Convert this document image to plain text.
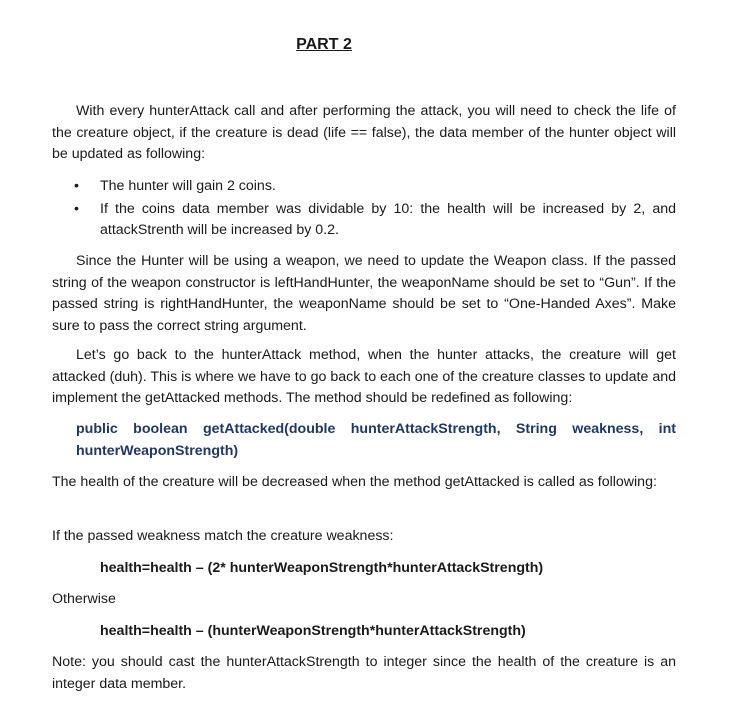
PART 2

With every hunterAttack call and after performing the attack, you will need to check the life of the creature object, if the creature is dead (life == false), the data member of the hunter object will be updated as following:

• The hunter will gain 2 coins.
• If the coins data member was dividable by 10: the health will be increased by 2, and attackStrenth will be increased by 0.2.

Since the Hunter will be using a weapon, we need to update the Weapon class. If the passed string of the weapon constructor is leftHandHunter, the weaponName should be set to “Gun”. If the passed string is rightHandHunter, the weaponName should be set to “One-Handed Axes”. Make sure to pass the correct string argument.

Let’s go back to the hunterAttack method, when the hunter attacks, the creature will get attacked (duh). This is where we have to go back to each one of the creature classes to update and implement the getAttacked methods. The method should be redefined as following:

public boolean getAttacked(double hunterAttackStrength, String weakness, int
hunterWeaponStrength)

The health of the creature will be decreased when the method getAttacked is called as following:

If the passed weakness match the creature weakness:

health=health – (2* hunterWeaponStrength*hunterAttackStrength)

Otherwise

health=health – (hunterWeaponStrength*hunterAttackStrength)

Note: you should cast the hunterAttackStrength to integer since the health of the creature is an integer data member.
